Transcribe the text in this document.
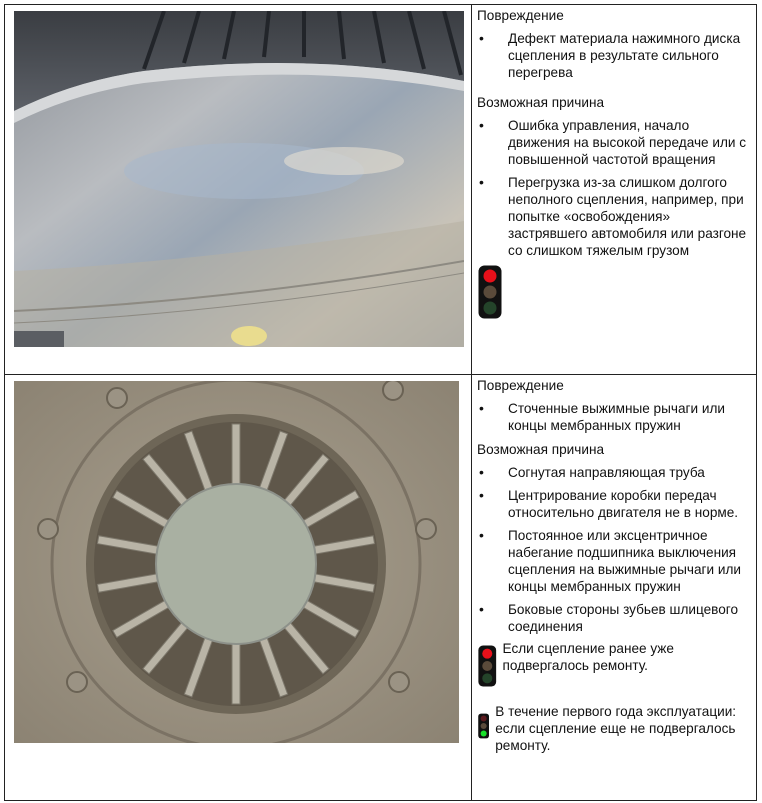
Повреждение
• Дефект материала нажимного диска сцепления в результате сильного перегрева
Возможная причина
• Ошибка управления, начало движения на высокой передаче или с повышенной частотой вращения
• Перегрузка из-за слишком долгого неполного сцепления, например, при попытке «освобождения» застрявшего автомобиля или разгоне со слишком тяжелым грузом
Повреждение
• Сточенные выжимные рычаги или концы мембранных пружин
Возможная причина
• Согнутая направляющая труба
• Центрирование коробки передач относительно двигателя не в норме.
• Постоянное или эксцентричное набегание подшипника выключения сцепления на выжимные рычаги или концы мембранных пружин
• Боковые стороны зубьев шлицевого соединения
Если сцепление ранее уже подвергалось ремонту.
В течение первого года эксплуатации: если сцепление еще не подвергалось ремонту.
